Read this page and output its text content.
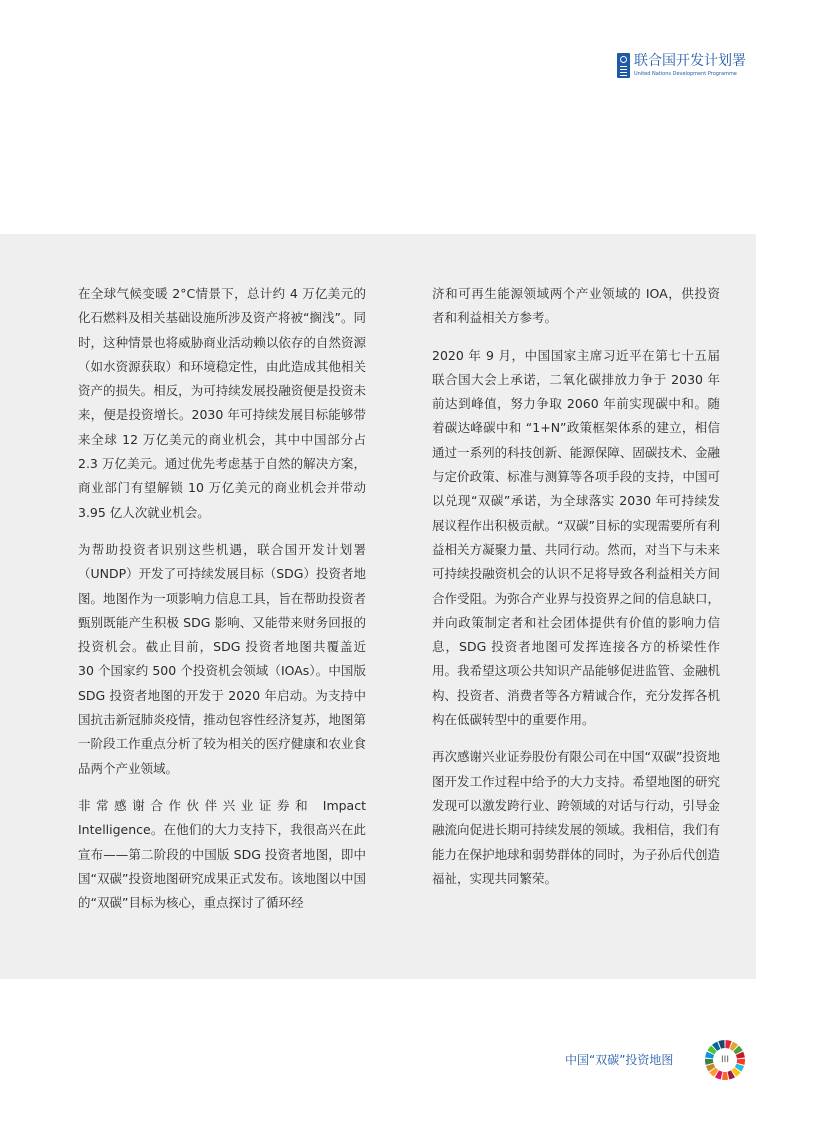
联合国开发计划署
United Nations Development Programme

在全球气候变暖 2°C情景下，总计约 4 万亿美元的化石燃料及相关基础设施所涉及资产将被“搁浅”。同时，这种情景也将威胁商业活动赖以依存的自然资源（如水资源获取）和环境稳定性，由此造成其他相关资产的损失。相反，为可持续发展投融资便是投资未来，便是投资增长。2030 年可持续发展目标能够带来全球 12 万亿美元的商业机会，其中中国部分占 2.3 万亿美元。通过优先考虑基于自然的解决方案，商业部门有望解锁 10 万亿美元的商业机会并带动 3.95 亿人次就业机会。

为帮助投资者识别这些机遇，联合国开发计划署（UNDP）开发了可持续发展目标（SDG）投资者地图。地图作为一项影响力信息工具，旨在帮助投资者甄别既能产生积极 SDG 影响、又能带来财务回报的投资机会。截止目前，SDG 投资者地图共覆盖近 30 个国家约 500 个投资机会领域（IOAs）。中国版 SDG 投资者地图的开发于 2020 年启动。为支持中国抗击新冠肺炎疫情，推动包容性经济复苏，地图第一阶段工作重点分析了较为相关的医疗健康和农业食品两个产业领域。

非常感谢合作伙伴兴业证券和 Impact Intelligence。在他们的大力支持下，我很高兴在此宣布——第二阶段的中国版 SDG 投资者地图，即中国“双碳”投资地图研究成果正式发布。该地图以中国的“双碳”目标为核心，重点探讨了循环经

济和可再生能源领域两个产业领域的 IOA，供投资者和利益相关方参考。

2020 年 9 月，中国国家主席习近平在第七十五届联合国大会上承诺，二氧化碳排放力争于 2030 年前达到峰值，努力争取 2060 年前实现碳中和。随着碳达峰碳中和 “1+N”政策框架体系的建立，相信通过一系列的科技创新、能源保障、固碳技术、金融与定价政策、标准与测算等各项手段的支持，中国可以兑现“双碳”承诺，为全球落实 2030 年可持续发展议程作出积极贡献。“双碳”目标的实现需要所有利益相关方凝聚力量、共同行动。然而，对当下与未来可持续投融资机会的认识不足将导致各利益相关方间合作受阻。为弥合产业界与投资界之间的信息缺口，并向政策制定者和社会团体提供有价值的影响力信息，SDG 投资者地图可发挥连接各方的桥梁性作用。我希望这项公共知识产品能够促进监管、金融机构、投资者、消费者等各方精诚合作，充分发挥各机构在低碳转型中的重要作用。

再次感谢兴业证券股份有限公司在中国“双碳”投资地图开发工作过程中给予的大力支持。希望地图的研究发现可以激发跨行业、跨领域的对话与行动，引导金融流向促进长期可持续发展的领域。我相信，我们有能力在保护地球和弱势群体的同时，为子孙后代创造福祉，实现共同繁荣。

中国“双碳”投资地图	III
